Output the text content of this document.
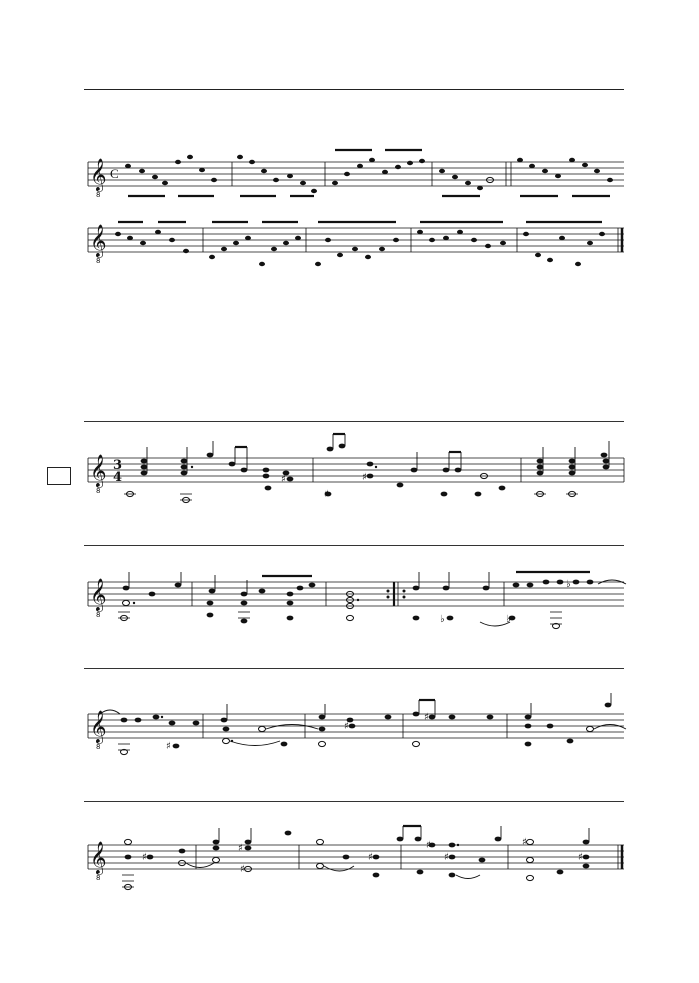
𝄞
8
𝄞
8
C
𝄞
8
𝄞
8
𝄞
8
𝄞
8
3
4	♯
♯
♯
♭
♭
♭
♯
♯
♯
♯
♯
♯
♯
♯
♯
♯
♯
